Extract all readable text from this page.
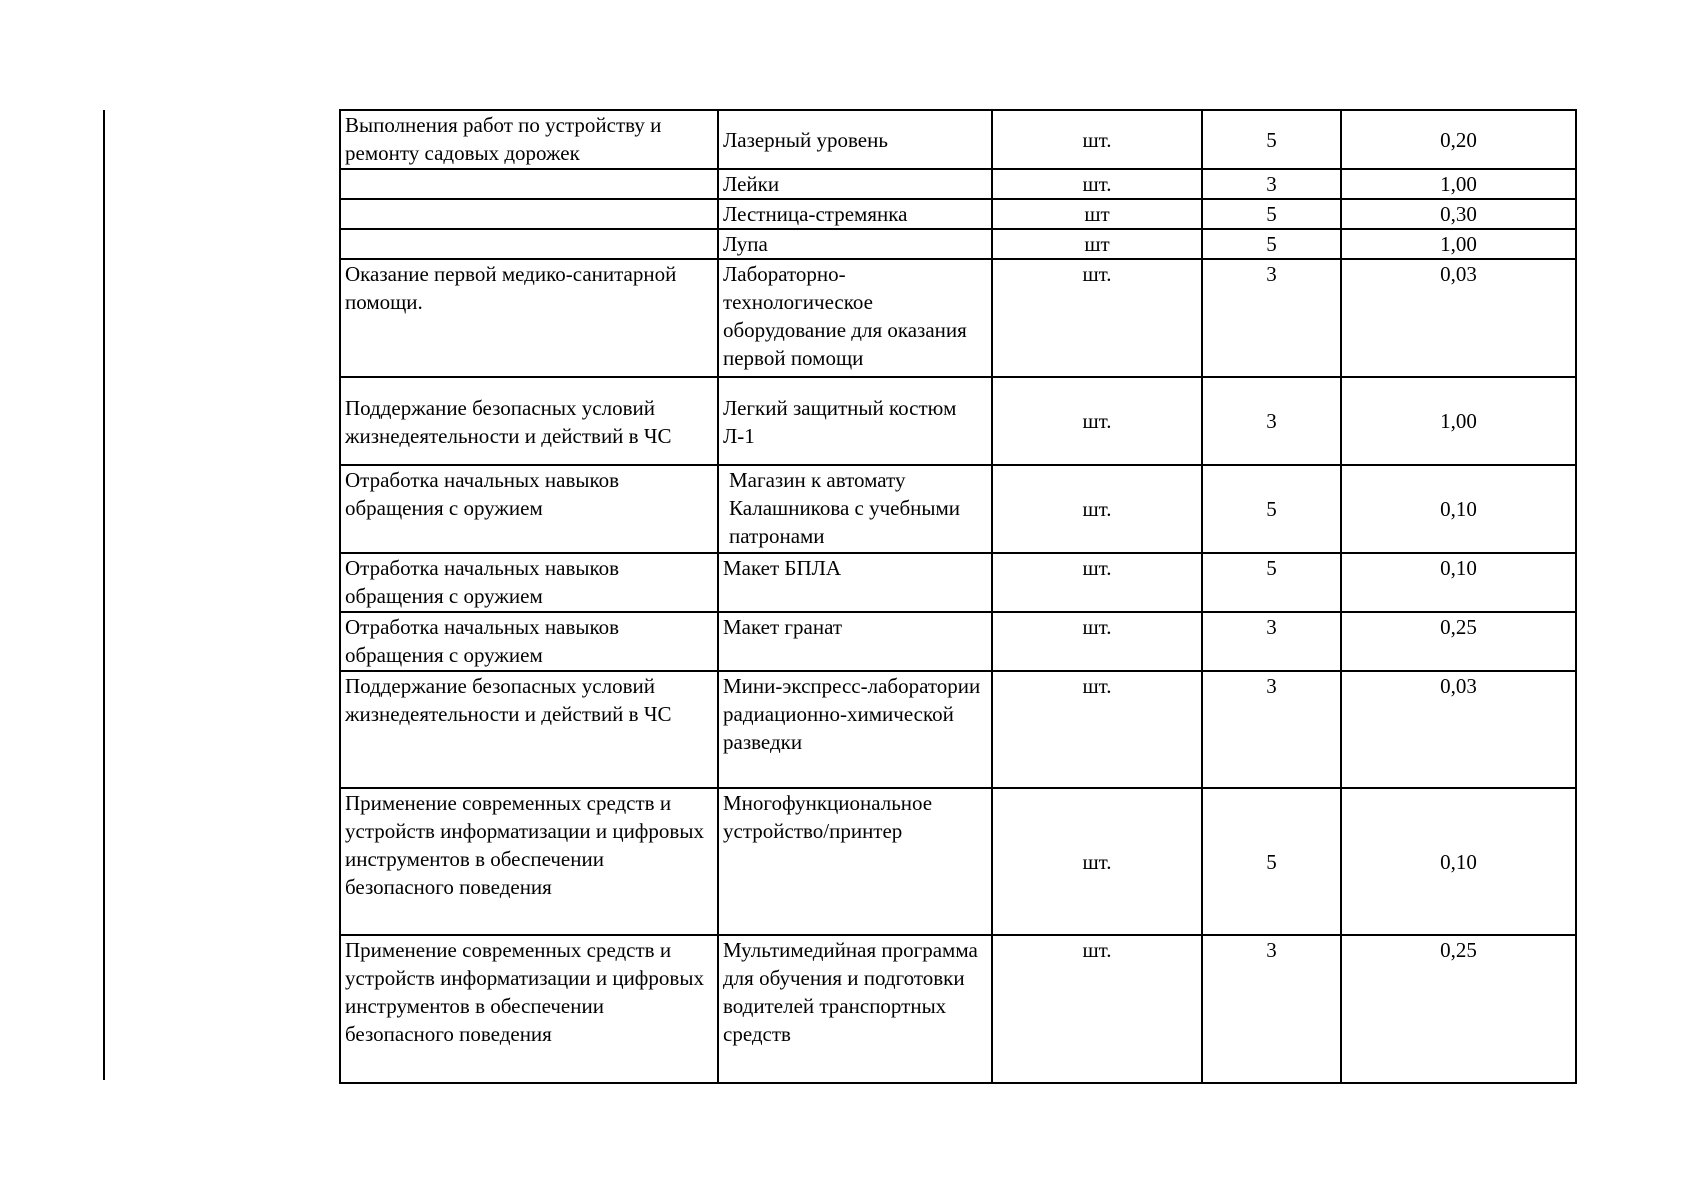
Выполнения работ по устройству и ремонту садовых дорожек	Лазерный уровень	шт.	5	0,20
	Лейки	шт.	3	1,00
	Лестница-стремянка	шт	5	0,30
	Лупа	шт	5	1,00
Оказание первой медико-санитарной помощи.	Лабораторно-технологическое оборудование для оказания первой помощи	шт.	3	0,03
Поддержание безопасных условий жизнедеятельности и действий в ЧС	Легкий защитный костюм Л-1	шт.	3	1,00
Отработка начальных навыков обращения с оружием	Магазин к автомату Калашникова с учебными патронами	шт.	5	0,10
Отработка начальных навыков обращения с оружием	Макет БПЛА	шт.	5	0,10
Отработка начальных навыков обращения с оружием	Макет гранат	шт.	3	0,25
Поддержание безопасных условий жизнедеятельности и действий в ЧС	Мини-экспресс-лаборатории радиационно-химической разведки	шт.	3	0,03
Применение современных средств и устройств информатизации и цифровых инструментов в обеспечении безопасного поведения	Многофункциональное устройство/принтер	шт.	5	0,10
Применение современных средств и устройств информатизации и цифровых инструментов в обеспечении безопасного поведения	Мультимедийная программа для обучения и подготовки водителей транспортных средств	шт.	3	0,25
